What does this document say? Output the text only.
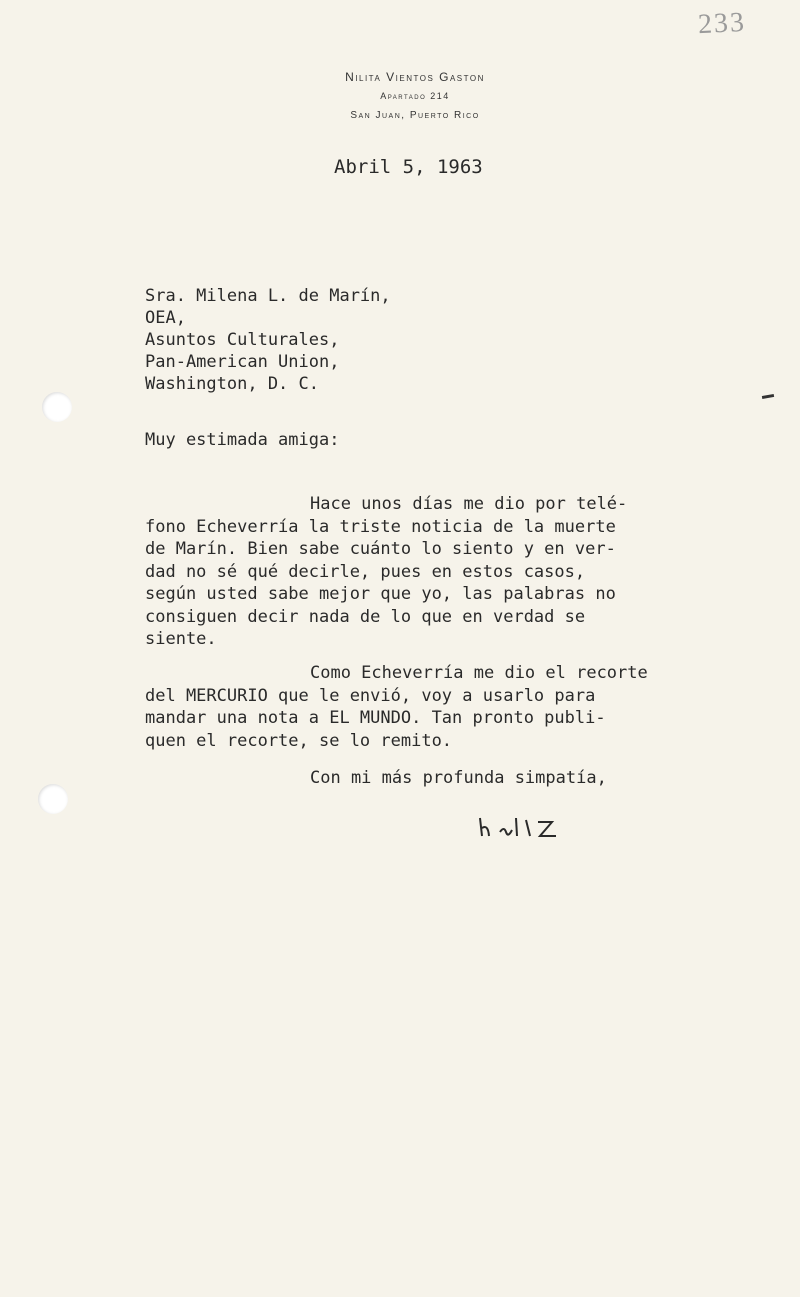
233
Nilita Vientos Gaston
Apartado 214
San Juan, Puerto Rico
Abril 5, 1963
Sra. Milena L. de Marín,
OEA,
Asuntos Culturales,
Pan-American Union,
Washington, D. C.
Muy estimada amiga:
Hace unos días me dio por telé-
fono Echeverría la triste noticia de la muerte
de Marín. Bien sabe cuánto lo siento y en ver-
dad no sé qué decirle, pues en estos casos,
según usted sabe mejor que yo, las palabras no
consiguen decir nada de lo que en verdad se
siente.
Como Echeverría me dio el recorte
del MERCURIO que le envió, voy a usarlo para
mandar una nota a EL MUNDO. Tan pronto publi-
quen el recorte, se lo remito.
Con mi más profunda simpatía,
